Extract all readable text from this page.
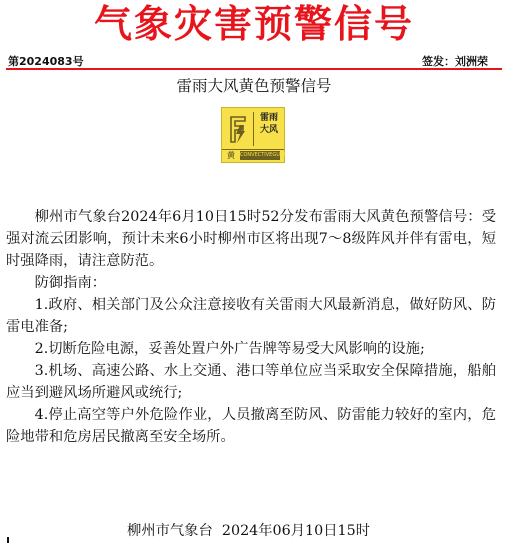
气象灾害预警信号
第2024083号	签发：刘洲荣
雷雨大风黄色预警信号
雷雨
大风
黄	CONVECTIVEGUST

柳州市气象台2024年6月10日15时52分发布雷雨大风黄色预警信号：受强对流云团影响，预计未来6小时柳州市区将出现7～8级阵风并伴有雷电，短时强降雨，请注意防范。

防御指南：

1.政府、相关部门及公众注意接收有关雷雨大风最新消息，做好防风、防雷电准备;

2.切断危险电源，妥善处置户外广告牌等易受大风影响的设施;

3.机场、高速公路、水上交通、港口等单位应当采取安全保障措施，船舶应当到避风场所避风或统行;

4.停止高空等户外危险作业，人员撤离至防风、防雷能力较好的室内，危险地带和危房居民撤离至安全场所。

柳州市气象台 2024年06月10日15时
